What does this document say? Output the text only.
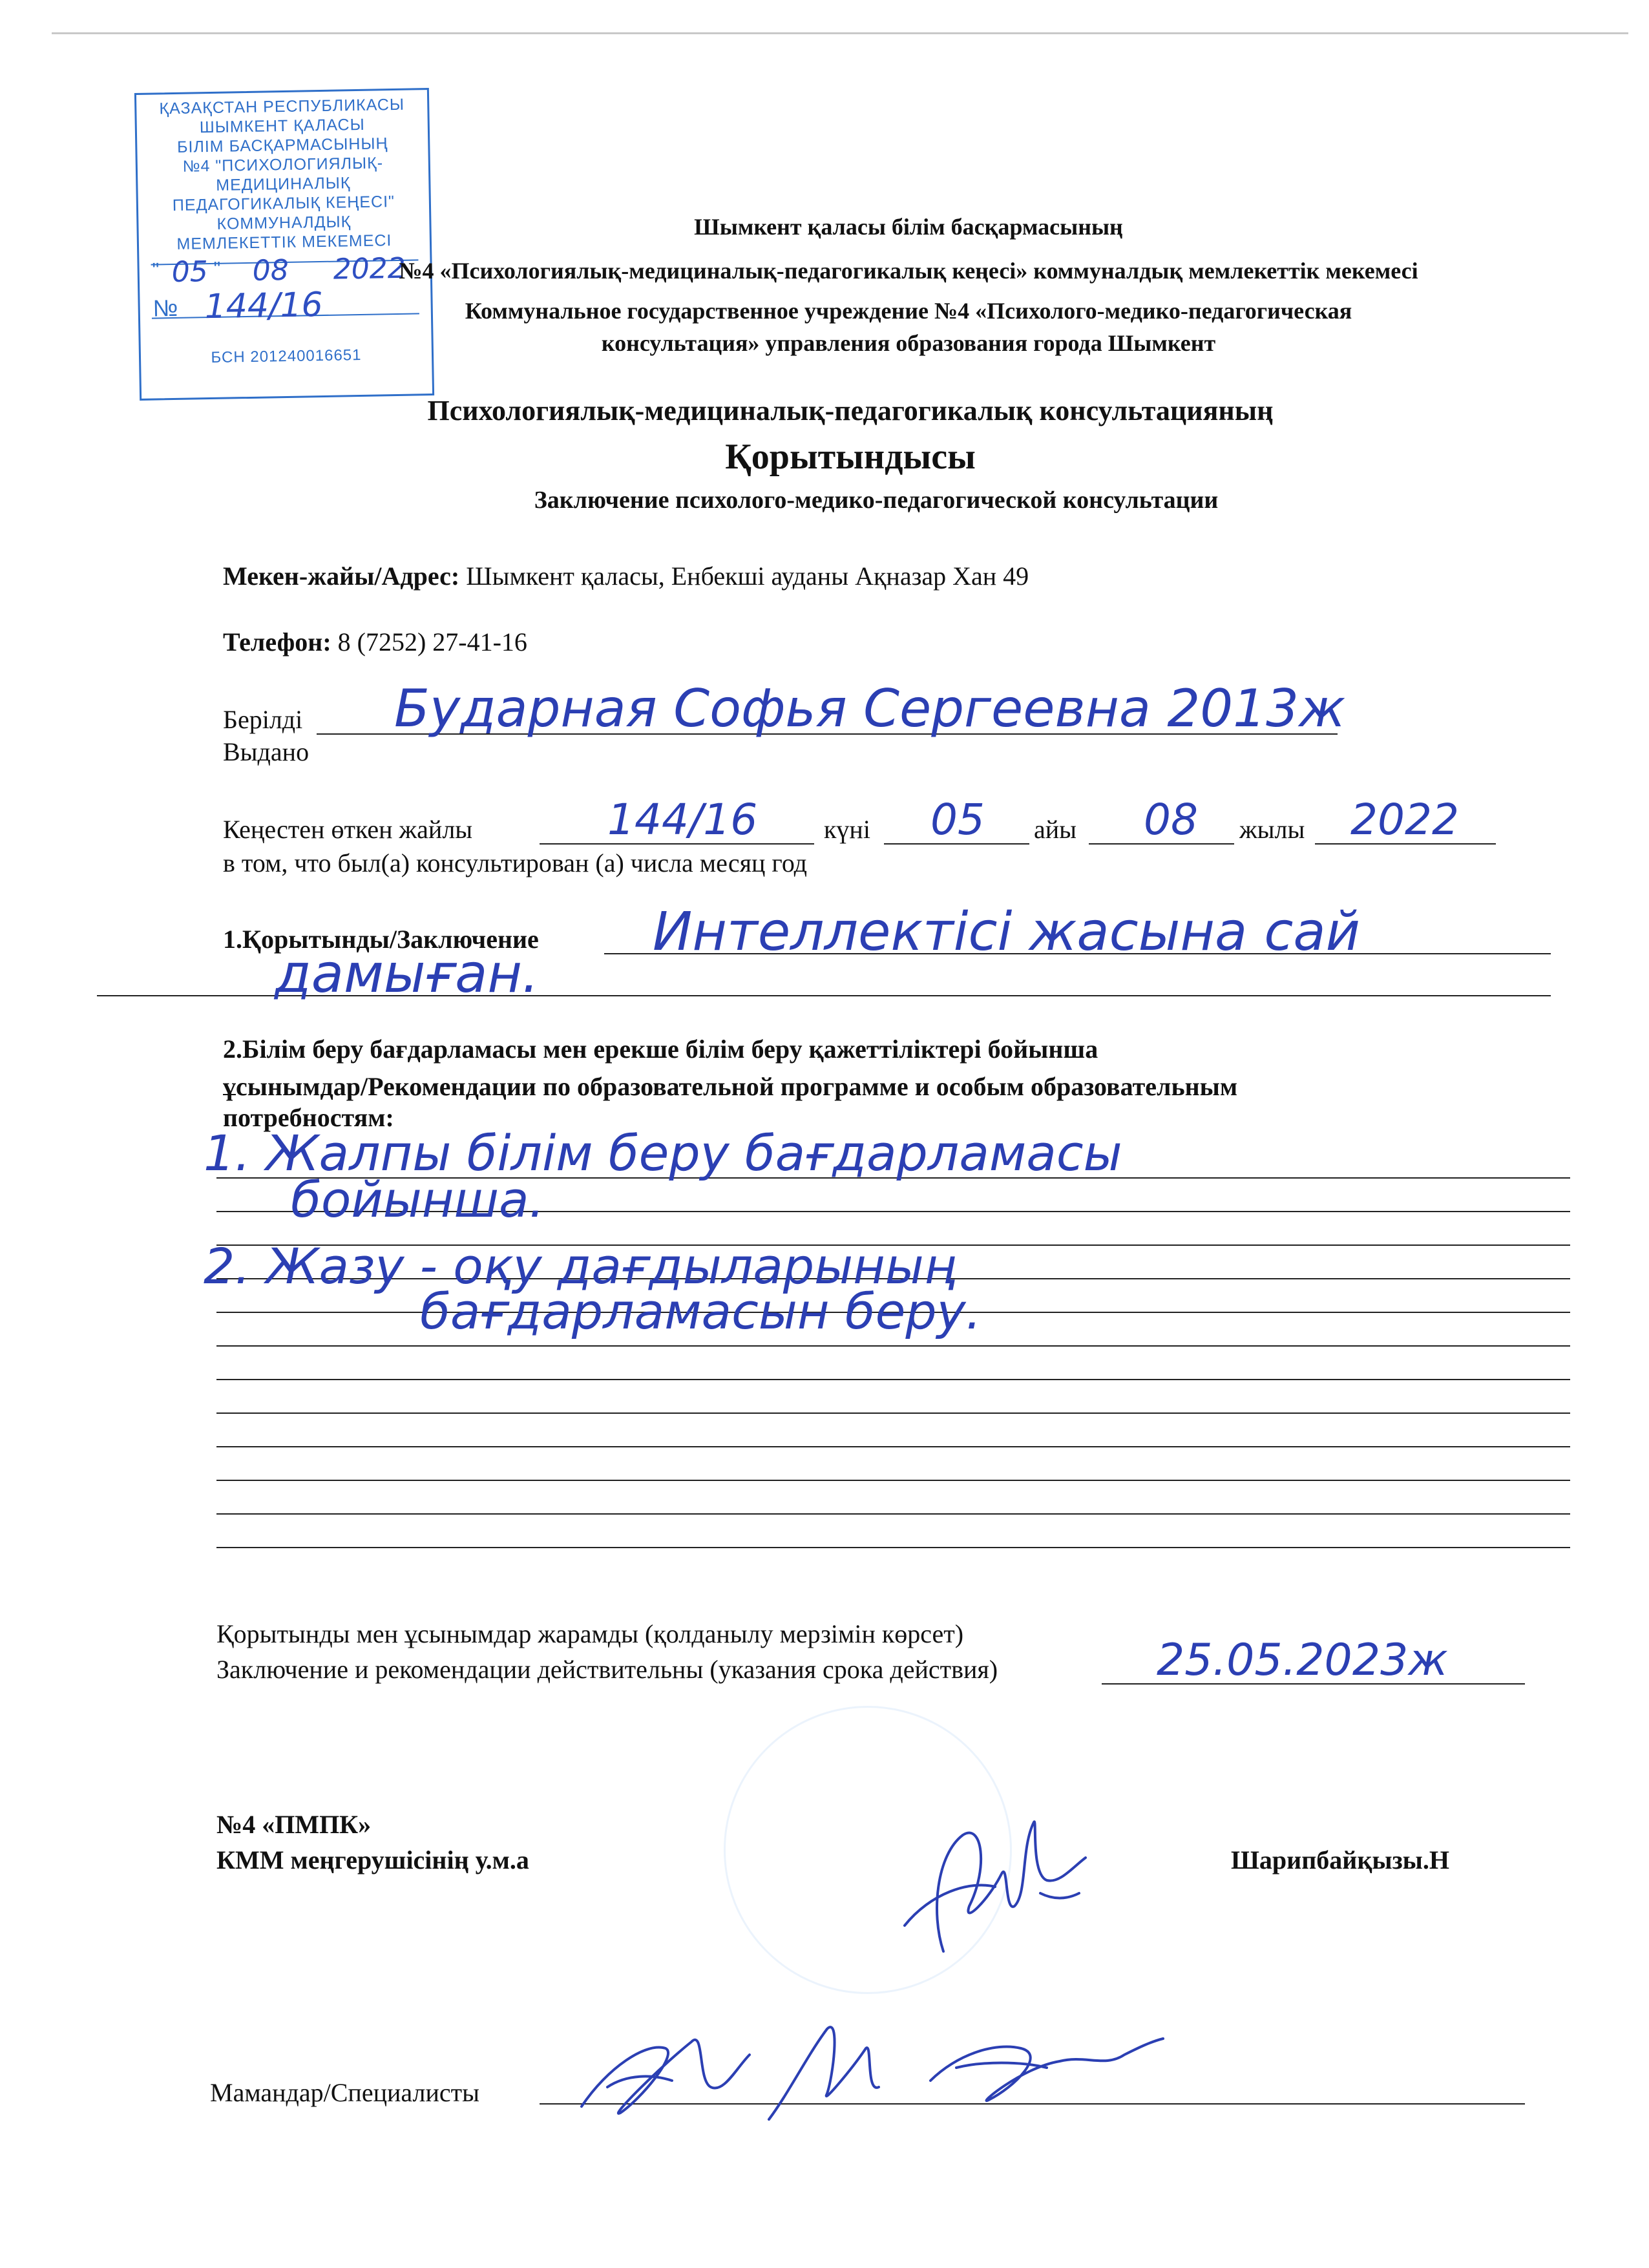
ҚАЗАҚСТАН РЕСПУБЛИКАСЫ
ШЫМКЕНТ ҚАЛАСЫ
БІЛІМ БАСҚАРМАСЫНЫҢ
№4 "ПСИХОЛОГИЯЛЫҚ-
МЕДИЦИНАЛЫҚ
ПЕДАГОГИКАЛЫҚ КЕҢЕСІ"
КОММУНАЛДЫҚ
МЕМЛЕКЕТТІК МЕКЕМЕСІ
" 05 " 08 2022
№ 144/16
БСН 201240016651
Шымкент қаласы білім басқармасының
№4 «Психологиялық-медициналық-педагогикалық кеңесі» коммуналдық мемлекеттік мекемесі
Коммунальное государственное учреждение №4 «Психолого-медико-педагогическая
консультация» управления образования города Шымкент
Психологиялық-медициналық-педагогикалық консультацияның
Қорытындысы
Заключение психолого-медико-педагогической консультации
Мекен-жайы/Адрес: Шымкент қаласы, Енбекші ауданы Ақназар Хан 49
Телефон: 8 (7252) 27-41-16
Берілді
Выдано
Бударная Софья Сергеевна 2013ж
Кеңестен өткен жайлы	144/16	күні 05 айы 08 жылы 2022
в том, что был(а) консультирован (а) числа месяц год
1.Қорытынды/Заключение Интеллектісі жасына сай
дамыған.
2.Білім беру бағдарламасы мен ерекше білім беру қажеттіліктері бойынша
ұсынымдар/Рекомендации по образовательной программе и особым образовательным
потребностям:
1. Жалпы білім беру бағдарламасы
бойынша.
2. Жазу - оқу дағдыларының
бағдарламасын беру.
Қорытынды мен ұсынымдар жарамды (қолданылу мерзімін көрсет)
Заключение и рекомендации действительны (указания срока действия)	25.05.2023ж
№4 «ПМПК»
КММ меңгерушісінің у.м.а	Шарипбайқызы.Н
Мамандар/Специалисты
